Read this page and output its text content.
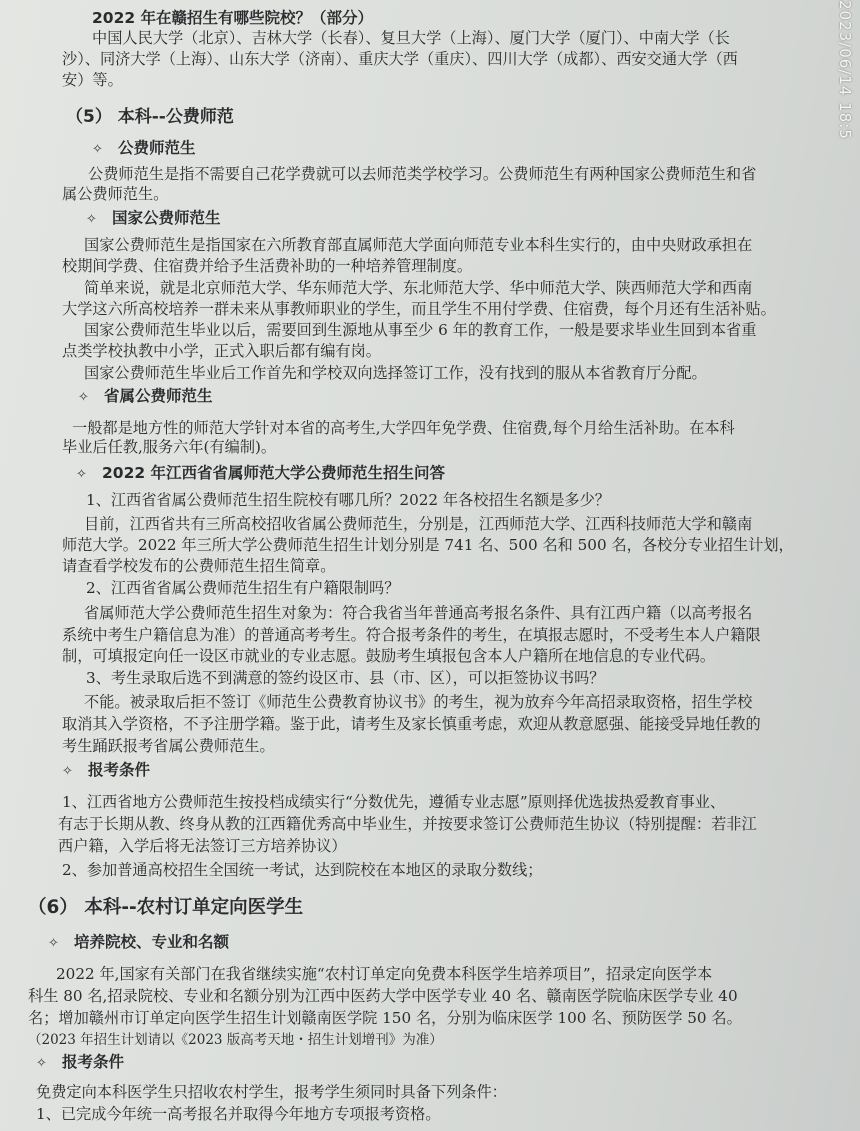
2023/06/14 18:5
2022 年在赣招生有哪些院校？（部分）
中国人民大学（北京）、吉林大学（长春）、复旦大学（上海）、厦门大学（厦门）、中南大学（长
沙）、同济大学（上海）、山东大学（济南）、重庆大学（重庆）、四川大学（成都）、西安交通大学（西
安）等。
（5） 本科--公费师范
✧ 公费师范生
公费师范生是指不需要自己花学费就可以去师范类学校学习。公费师范生有两种国家公费师范生和省
属公费师范生。
✧ 国家公费师范生
国家公费师范生是指国家在六所教育部直属师范大学面向师范专业本科生实行的，由中央财政承担在
校期间学费、住宿费并给予生活费补助的一种培养管理制度。
简单来说，就是北京师范大学、华东师范大学、东北师范大学、华中师范大学、陕西师范大学和西南
大学这六所高校培养一群未来从事教师职业的学生，而且学生不用付学费、住宿费，每个月还有生活补贴。
国家公费师范生毕业以后，需要回到生源地从事至少 6 年的教育工作，一般是要求毕业生回到本省重
点类学校执教中小学，正式入职后都有编有岗。
国家公费师范生毕业后工作首先和学校双向选择签订工作，没有找到的服从本省教育厅分配。
✧ 省属公费师范生
一般都是地方性的师范大学针对本省的高考生,大学四年免学费、住宿费,每个月给生活补助。在本科
毕业后任教,服务六年(有编制)。
✧ 2022 年江西省省属师范大学公费师范生招生问答
1、江西省省属公费师范生招生院校有哪几所？2022 年各校招生名额是多少？
目前，江西省共有三所高校招收省属公费师范生，分别是，江西师范大学、江西科技师范大学和赣南
师范大学。2022 年三所大学公费师范生招生计划分别是 741 名、500 名和 500 名，各校分专业招生计划，
请查看学校发布的公费师范生招生简章。
2、江西省省属公费师范生招生有户籍限制吗？
省属师范大学公费师范生招生对象为：符合我省当年普通高考报名条件、具有江西户籍（以高考报名
系统中考生户籍信息为准）的普通高考考生。符合报考条件的考生，在填报志愿时，不受考生本人户籍限
制，可填报定向任一设区市就业的专业志愿。鼓励考生填报包含本人户籍所在地信息的专业代码。
3、考生录取后选不到满意的签约设区市、县（市、区），可以拒签协议书吗？
不能。被录取后拒不签订《师范生公费教育协议书》的考生，视为放弃今年高招录取资格，招生学校
取消其入学资格，不予注册学籍。鉴于此，请考生及家长慎重考虑，欢迎从教意愿强、能接受异地任教的
考生踊跃报考省属公费师范生。
✧ 报考条件
1、江西省地方公费师范生按投档成绩实行“分数优先，遵循专业志愿”原则择优选拔热爱教育事业、
有志于长期从教、终身从教的江西籍优秀高中毕业生，并按要求签订公费师范生协议（特别提醒：若非江
西户籍，入学后将无法签订三方培养协议）
2、参加普通高校招生全国统一考试，达到院校在本地区的录取分数线；
（6） 本科--农村订单定向医学生
✧ 培养院校、专业和名额
2022 年,国家有关部门在我省继续实施“农村订单定向免费本科医学生培养项目”，招录定向医学本
科生 80 名,招录院校、专业和名额分别为江西中医药大学中医学专业 40 名、赣南医学院临床医学专业 40
名；增加赣州市订单定向医学生招生计划赣南医学院 150 名，分别为临床医学 100 名、预防医学 50 名。
（2023 年招生计划请以《2023 版高考天地・招生计划增刊》为准）
✧ 报考条件
免费定向本科医学生只招收农村学生，报考学生须同时具备下列条件：
1、已完成今年统一高考报名并取得今年地方专项报考资格。
